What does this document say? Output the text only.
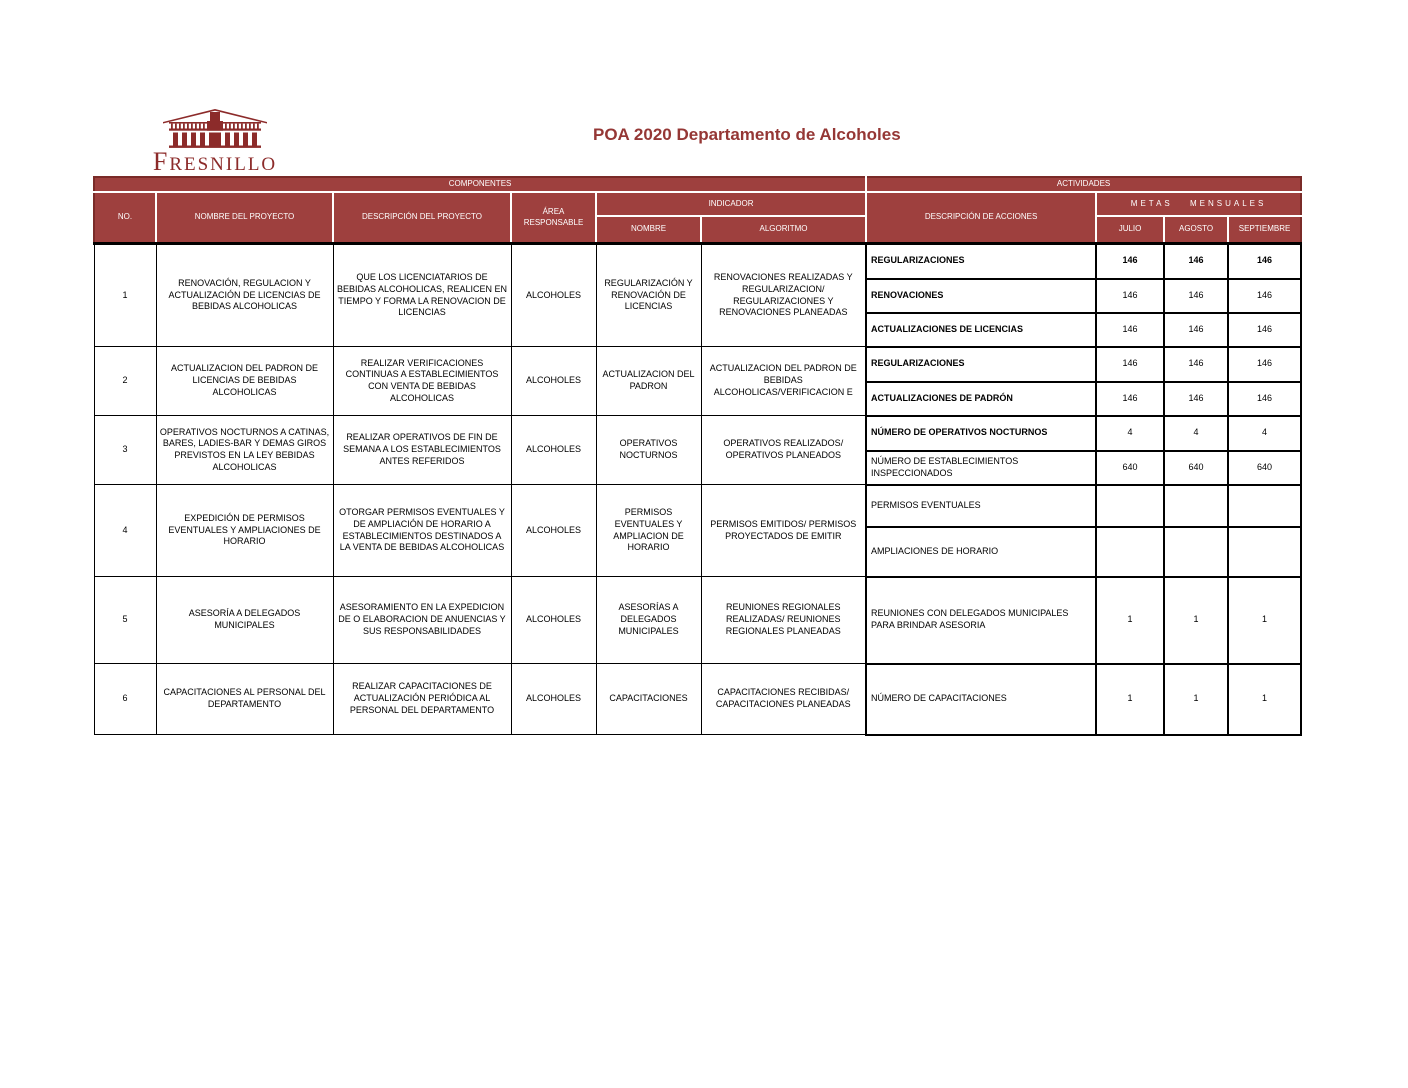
FRESNILLO
POA 2020 Departamento de Alcoholes
COMPONENTES						ACTIVIDADES			
NO.	NOMBRE DEL PROYECTO	DESCRIPCIÓN DEL PROYECTO	ÁREA RESPONSABLE	INDICADOR		DESCRIPCIÓN DE ACCIONES	METAS MENSUALES		
				NOMBRE	ALGORITMO		JULIO	AGOSTO	SEPTIEMBRE
1	RENOVACIÓN, REGULACION Y ACTUALIZACIÓN DE LICENCIAS DE BEBIDAS ALCOHOLICAS	QUE LOS LICENCIATARIOS DE BEBIDAS ALCOHOLICAS, REALICEN EN TIEMPO Y FORMA LA RENOVACION DE LICENCIAS	ALCOHOLES	REGULARIZACIÓN Y RENOVACIÓN DE LICENCIAS	RENOVACIONES REALIZADAS Y REGULARIZACION/ REGULARIZACIONES Y RENOVACIONES PLANEADAS	REGULARIZACIONES	146	146	146
						RENOVACIONES	146	146	146
						ACTUALIZACIONES DE LICENCIAS	146	146	146
2	ACTUALIZACION DEL PADRON DE LICENCIAS DE BEBIDAS ALCOHOLICAS	REALIZAR VERIFICACIONES CONTINUAS A ESTABLECIMIENTOS CON VENTA DE BEBIDAS ALCOHOLICAS	ALCOHOLES	ACTUALIZACION DEL PADRON	ACTUALIZACION DEL PADRON DE BEBIDAS ALCOHOLICAS/VERIFICACION E	REGULARIZACIONES	146	146	146
						ACTUALIZACIONES DE PADRÓN	146	146	146
3	OPERATIVOS NOCTURNOS A CATINAS, BARES, LADIES-BAR Y DEMAS GIROS PREVISTOS EN LA LEY BEBIDAS ALCOHOLICAS	REALIZAR OPERATIVOS DE FIN DE SEMANA A LOS ESTABLECIMIENTOS ANTES REFERIDOS	ALCOHOLES	OPERATIVOS NOCTURNOS	OPERATIVOS REALIZADOS/ OPERATIVOS PLANEADOS	NÚMERO DE OPERATIVOS NOCTURNOS	4	4	4
						NÚMERO DE ESTABLECIMIENTOS INSPECCIONADOS	640	640	640
4	EXPEDICIÓN DE PERMISOS EVENTUALES Y AMPLIACIONES DE HORARIO	OTORGAR PERMISOS EVENTUALES Y DE AMPLIACIÓN DE HORARIO A ESTABLECIMIENTOS DESTINADOS A LA VENTA DE BEBIDAS ALCOHOLICAS	ALCOHOLES	PERMISOS EVENTUALES Y AMPLIACION DE HORARIO	PERMISOS EMITIDOS/ PERMISOS PROYECTADOS DE EMITIR	PERMISOS EVENTUALES			
						AMPLIACIONES DE HORARIO			
5	ASESORÍA A DELEGADOS MUNICIPALES	ASESORAMIENTO EN LA EXPEDICION DE O ELABORACION DE ANUENCIAS Y SUS RESPONSABILIDADES	ALCOHOLES	ASESORÍAS A DELEGADOS MUNICIPALES	REUNIONES REGIONALES REALIZADAS/ REUNIONES REGIONALES PLANEADAS	REUNIONES CON DELEGADOS MUNICIPALES PARA BRINDAR ASESORIA	1	1	1
6	CAPACITACIONES AL PERSONAL DEL DEPARTAMENTO	REALIZAR CAPACITACIONES DE ACTUALIZACIÓN PERIÓDICA AL PERSONAL DEL DEPARTAMENTO	ALCOHOLES	CAPACITACIONES	CAPACITACIONES RECIBIDAS/ CAPACITACIONES PLANEADAS	NÚMERO DE CAPACITACIONES	1	1	1
